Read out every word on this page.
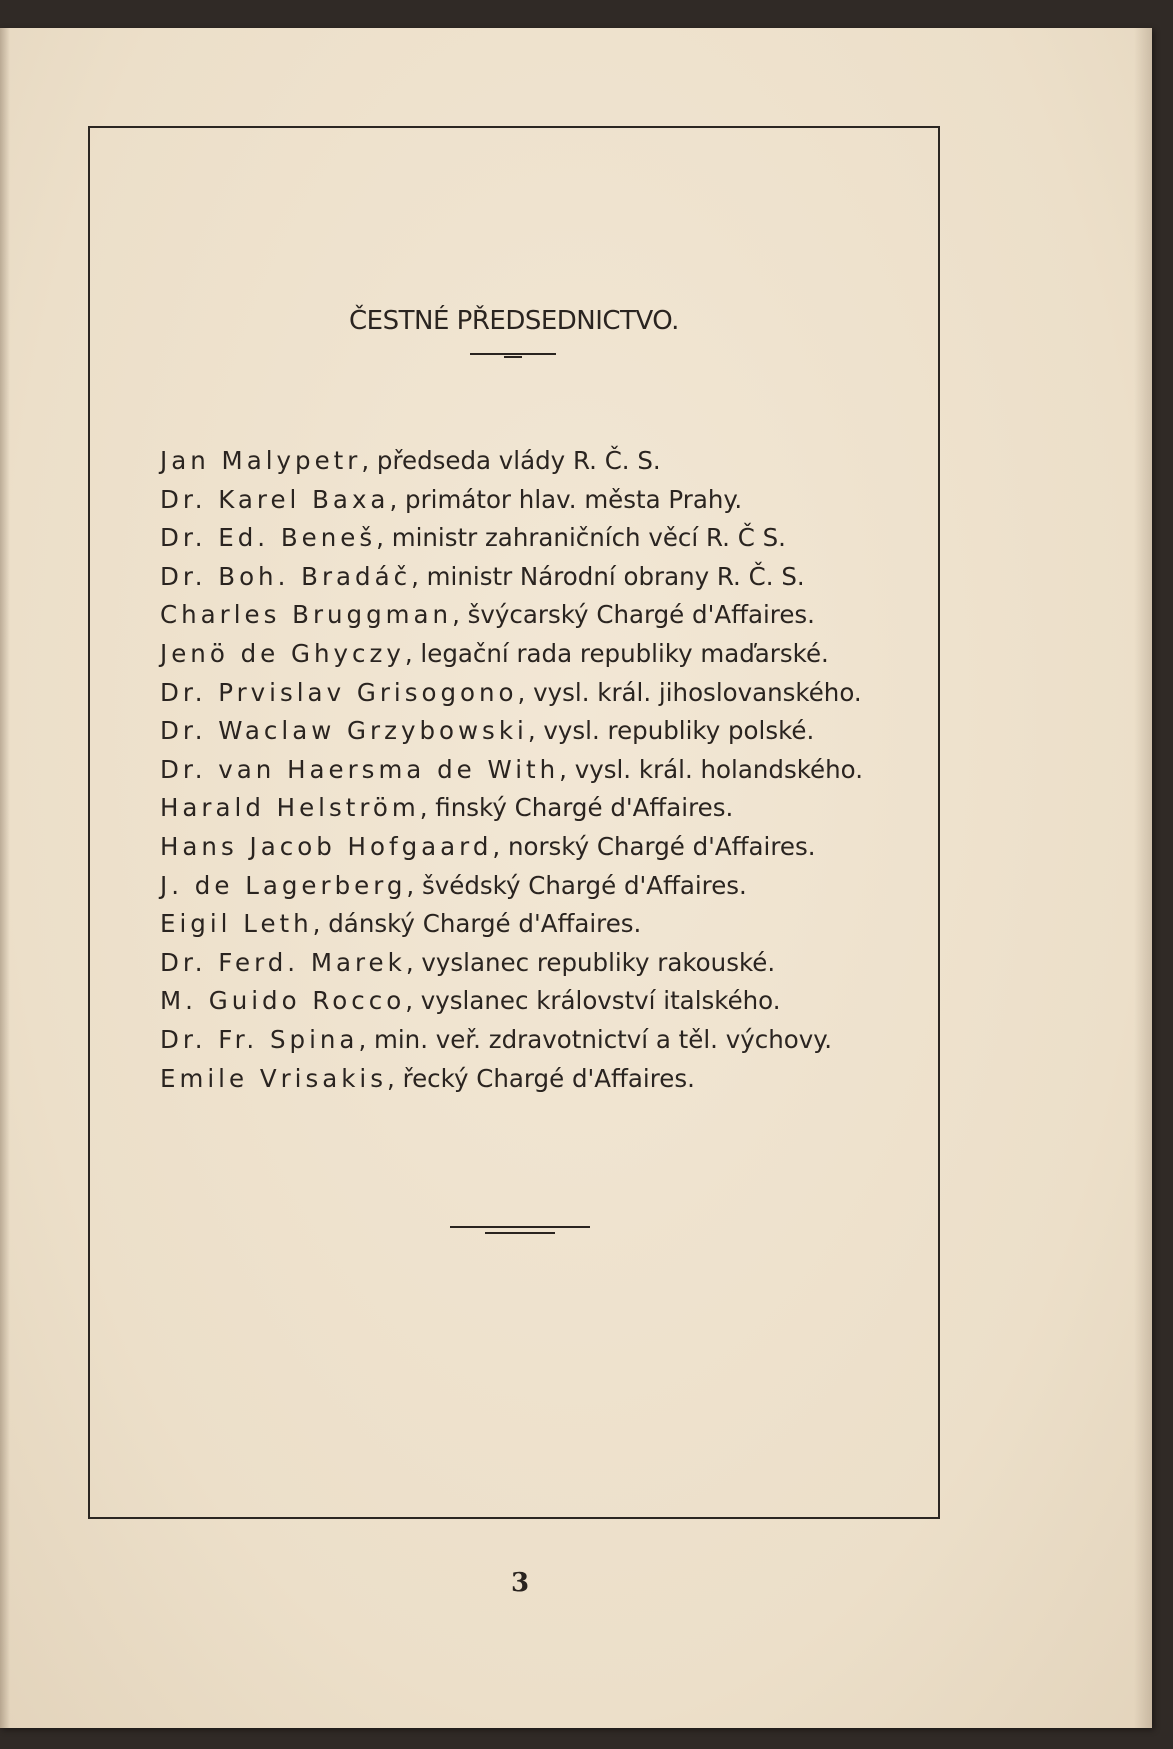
ČESTNÉ PŘEDSEDNICTVO.
Jan Malypetr, předseda vlády R. Č. S.
Dr. Karel Baxa, primátor hlav. města Prahy.
Dr. Ed. Beneš, ministr zahraničních věcí R. Č S.
Dr. Boh. Bradáč, ministr Národní obrany R. Č. S.
Charles Bruggman, švýcarský Chargé d'Affaires.
Jenö de Ghyczy, legační rada republiky maďarské.
Dr. Prvislav Grisogono, vysl. král. jihoslovanského.
Dr. Waclaw Grzybowski, vysl. republiky polské.
Dr. van Haersma de With, vysl. král. holandského.
Harald Helström, finský Chargé d'Affaires.
Hans Jacob Hofgaard, norský Chargé d'Affaires.
J. de Lagerberg, švédský Chargé d'Affaires.
Eigil Leth, dánský Chargé d'Affaires.
Dr. Ferd. Marek, vyslanec republiky rakouské.
M. Guido Rocco, vyslanec království italského.
Dr. Fr. Spina, min. veř. zdravotnictví a těl. výchovy.
Emile Vrisakis, řecký Chargé d'Affaires.
3
